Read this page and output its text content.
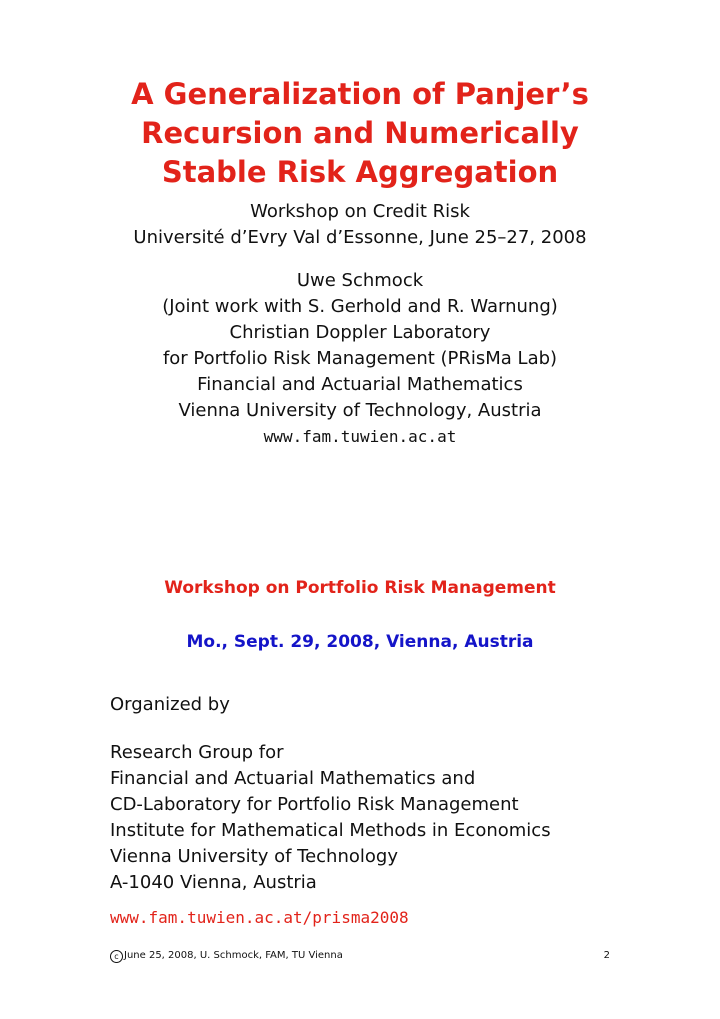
A Generalization of Panjer’s
Recursion and Numerically
Stable Risk Aggregation
Workshop on Credit Risk
Université d’Evry Val d’Essonne, June 25–27, 2008
Uwe Schmock
(Joint work with S. Gerhold and R. Warnung)
Christian Doppler Laboratory
for Portfolio Risk Management (PRisMa Lab)
Financial and Actuarial Mathematics
Vienna University of Technology, Austria
www.fam.tuwien.ac.at
Workshop on Portfolio Risk Management
Mo., Sept. 29, 2008, Vienna, Austria
Organized by
Research Group for
Financial and Actuarial Mathematics and
CD-Laboratory for Portfolio Risk Management
Institute for Mathematical Methods in Economics
Vienna University of Technology
A-1040 Vienna, Austria
www.fam.tuwien.ac.at/prisma2008
c June 25, 2008, U. Schmock, FAM, TU Vienna	2
